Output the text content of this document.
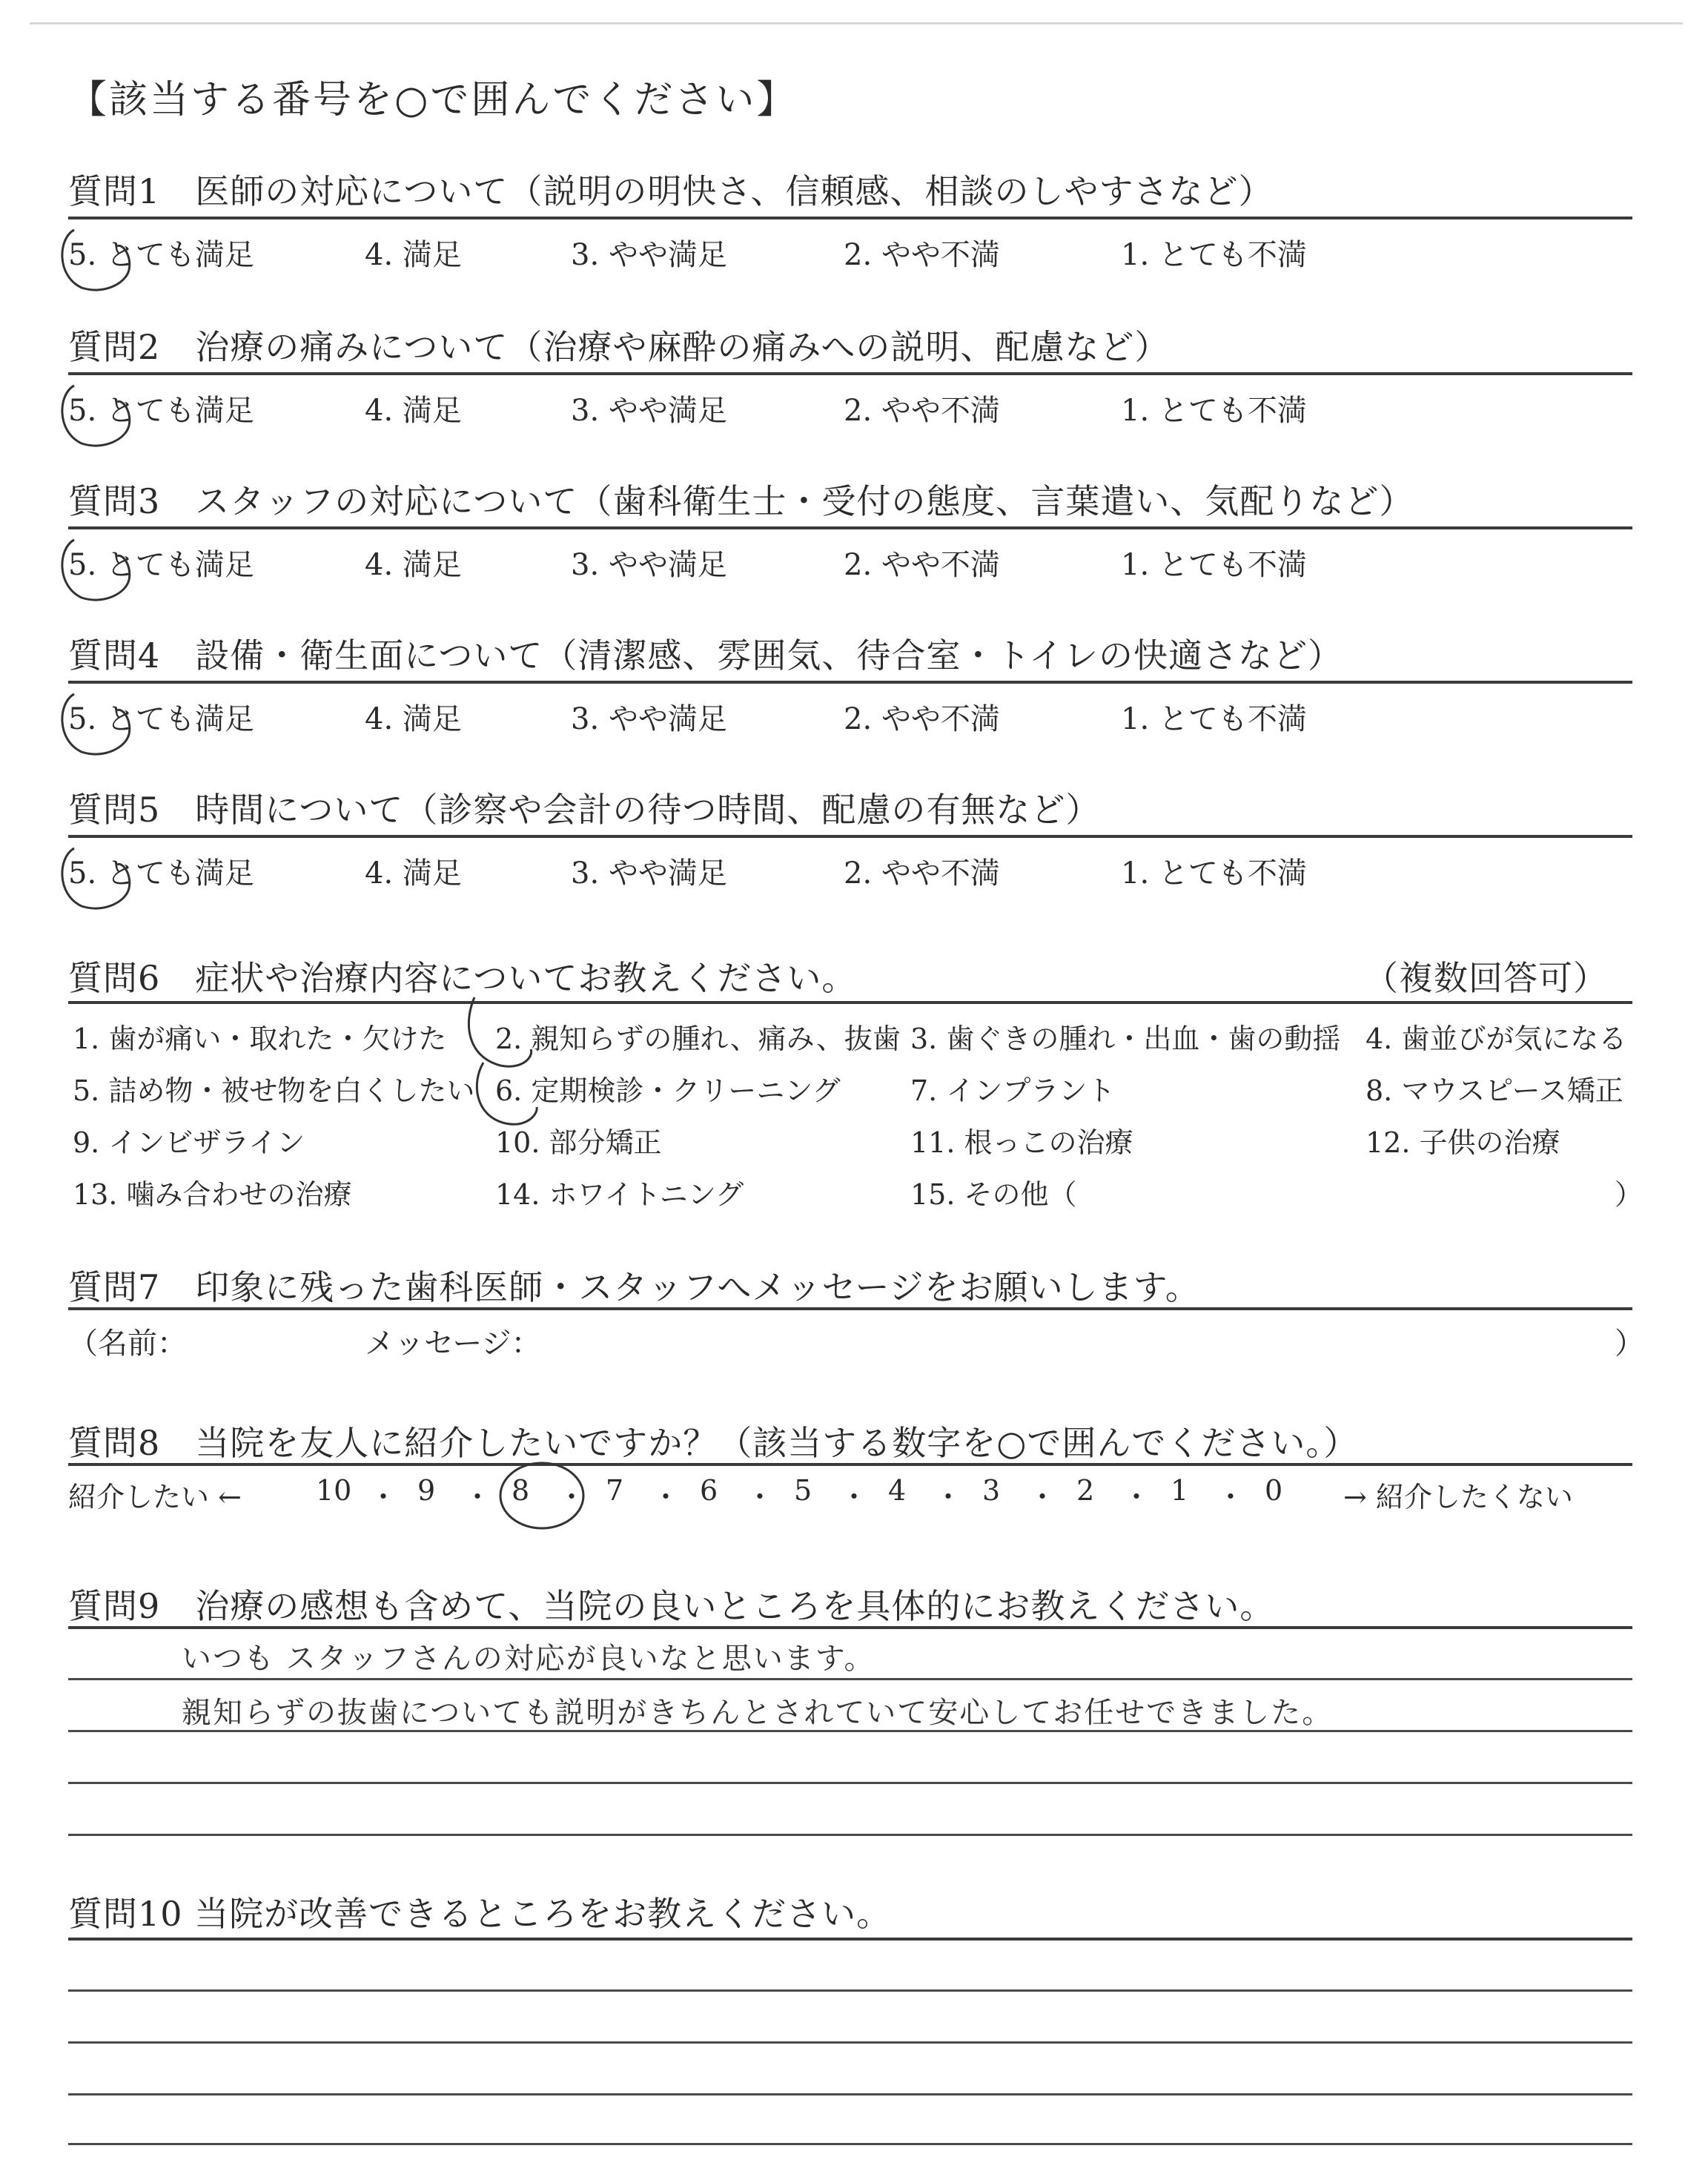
【該当する番号を○で囲んでください】
質問1　医師の対応について（説明の明快さ、信頼感、相談のしやすさなど）
5. とても満足	4. 満足	3. やや満足	2. やや不満	1. とても不満
質問2　治療の痛みについて（治療や麻酔の痛みへの説明、配慮など）
5. とても満足	4. 満足	3. やや満足	2. やや不満	1. とても不満
質問3　スタッフの対応について（歯科衛生士・受付の態度、言葉遣い、気配りなど）
5. とても満足	4. 満足	3. やや満足	2. やや不満	1. とても不満
質問4　設備・衛生面について（清潔感、雰囲気、待合室・トイレの快適さなど）
5. とても満足	4. 満足	3. やや満足	2. やや不満	1. とても不満
質問5　時間について（診察や会計の待つ時間、配慮の有無など）
5. とても満足	4. 満足	3. やや満足	2. やや不満	1. とても不満
質問6　症状や治療内容についてお教えください。	（複数回答可）
1. 歯が痛い・取れた・欠けた 2. 親知らずの腫れ、痛み、抜歯 3. 歯ぐきの腫れ・出血・歯の動揺 4. 歯並びが気になる
5. 詰め物・被せ物を白くしたい 6. 定期検診・クリーニング 7. インプラント	8. マウスピース矯正
9. インビザライン	10. 部分矯正	11. 根っこの治療	12. 子供の治療
13. 噛み合わせの治療	14. ホワイトニング	15. その他（	）
質問7　印象に残った歯科医師・スタッフへメッセージをお願いします。
（名前：	メッセージ：	）
質問8　当院を友人に紹介したいですか？（該当する数字を○で囲んでください。）
紹介したい ←	10 ・ 9 ・ 8 ・ 7 ・ 6 ・ 5 ・ 4 ・ 3 ・ 2 ・ 1 ・ 0 → 紹介したくない
質問9　治療の感想も含めて、当院の良いところを具体的にお教えください。
いつも スタッフさんの対応が良いなと思います。
親知らずの抜歯についても説明がきちんとされていて安心してお任せできました。
質問10 当院が改善できるところをお教えください。
